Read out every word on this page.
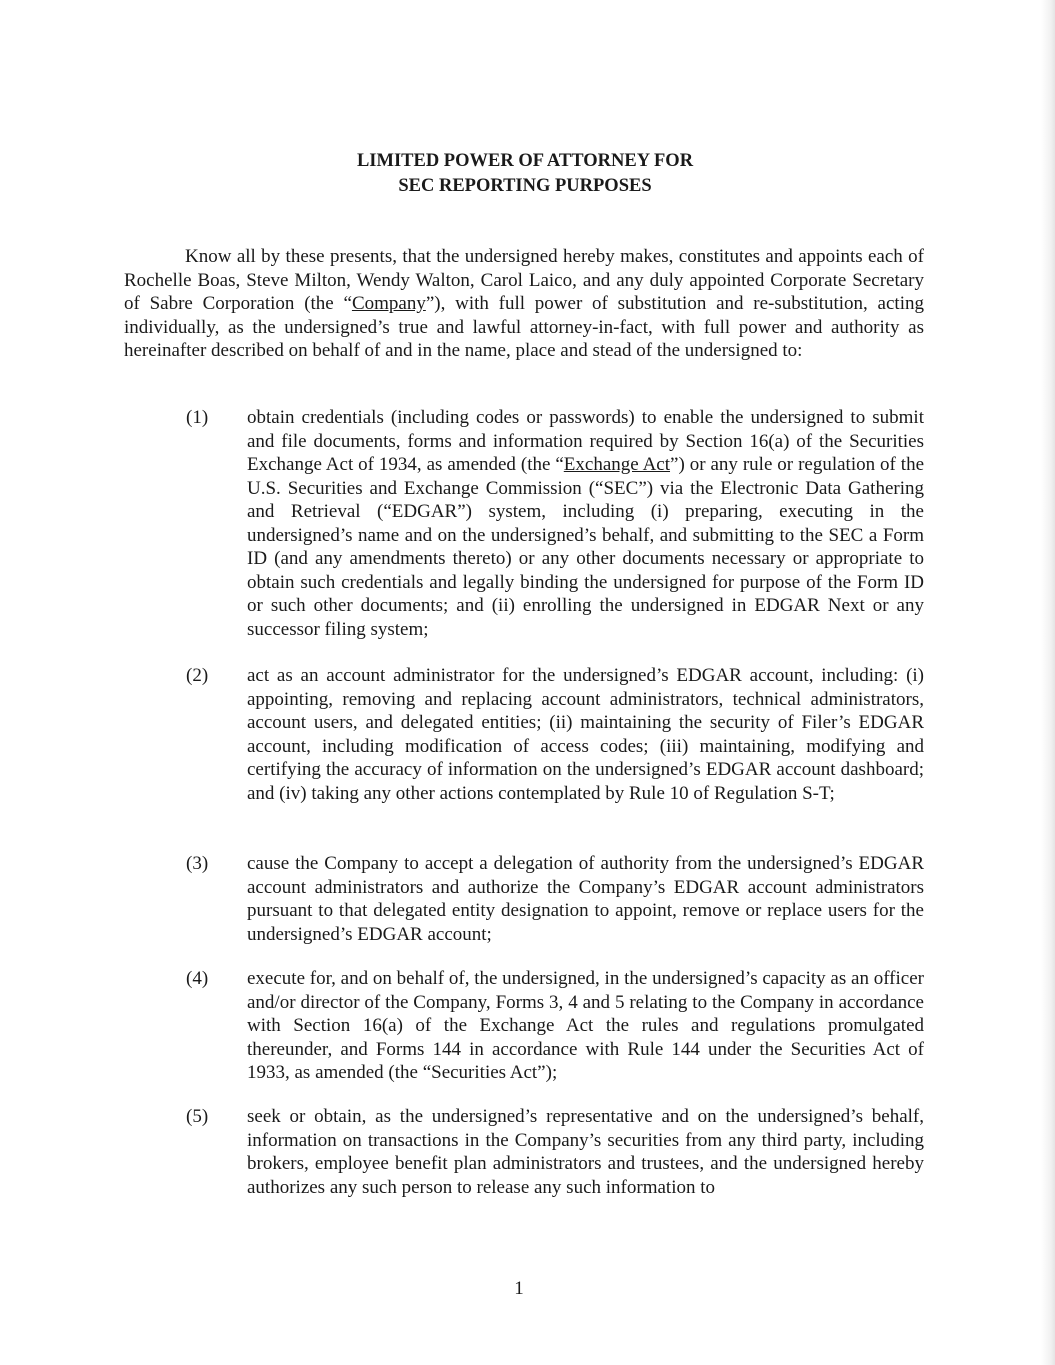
LIMITED POWER OF ATTORNEY FOR
SEC REPORTING PURPOSES
Know all by these presents, that the undersigned hereby makes, constitutes and appoints each of Rochelle Boas, Steve Milton, Wendy Walton, Carol Laico, and any duly appointed Corporate Secretary of Sabre Corporation (the “Company”), with full power of substitution and re-substitution, acting individually, as the undersigned’s true and lawful attorney-in-fact, with full power and authority as hereinafter described on behalf of and in the name, place and stead of the undersigned to:
(1) obtain credentials (including codes or passwords) to enable the undersigned to submit and file documents, forms and information required by Section 16(a) of the Securities Exchange Act of 1934, as amended (the “Exchange Act”) or any rule or regulation of the U.S. Securities and Exchange Commission (“SEC”) via the Electronic Data Gathering and Retrieval (“EDGAR”) system, including (i) preparing, executing in the undersigned’s name and on the undersigned’s behalf, and submitting to the SEC a Form ID (and any amendments thereto) or any other documents necessary or appropriate to obtain such credentials and legally binding the undersigned for purpose of the Form ID or such other documents; and (ii) enrolling the undersigned in EDGAR Next or any successor filing system;
(2) act as an account administrator for the undersigned’s EDGAR account, including: (i) appointing, removing and replacing account administrators, technical administrators, account users, and delegated entities; (ii) maintaining the security of Filer’s EDGAR account, including modification of access codes; (iii) maintaining, modifying and certifying the accuracy of information on the undersigned’s EDGAR account dashboard; and (iv) taking any other actions contemplated by Rule 10 of Regulation S-T;
(3) cause the Company to accept a delegation of authority from the undersigned’s EDGAR account administrators and authorize the Company’s EDGAR account administrators pursuant to that delegated entity designation to appoint, remove or replace users for the undersigned’s EDGAR account;
(4) execute for, and on behalf of, the undersigned, in the undersigned’s capacity as an officer and/or director of the Company, Forms 3, 4 and 5 relating to the Company in accordance with Section 16(a) of the Exchange Act the rules and regulations promulgated thereunder, and Forms 144 in accordance with Rule 144 under the Securities Act of 1933, as amended (the “Securities Act”);
(5) seek or obtain, as the undersigned’s representative and on the undersigned’s behalf, information on transactions in the Company’s securities from any third party, including brokers, employee benefit plan administrators and trustees, and the undersigned hereby authorizes any such person to release any such information to
1
